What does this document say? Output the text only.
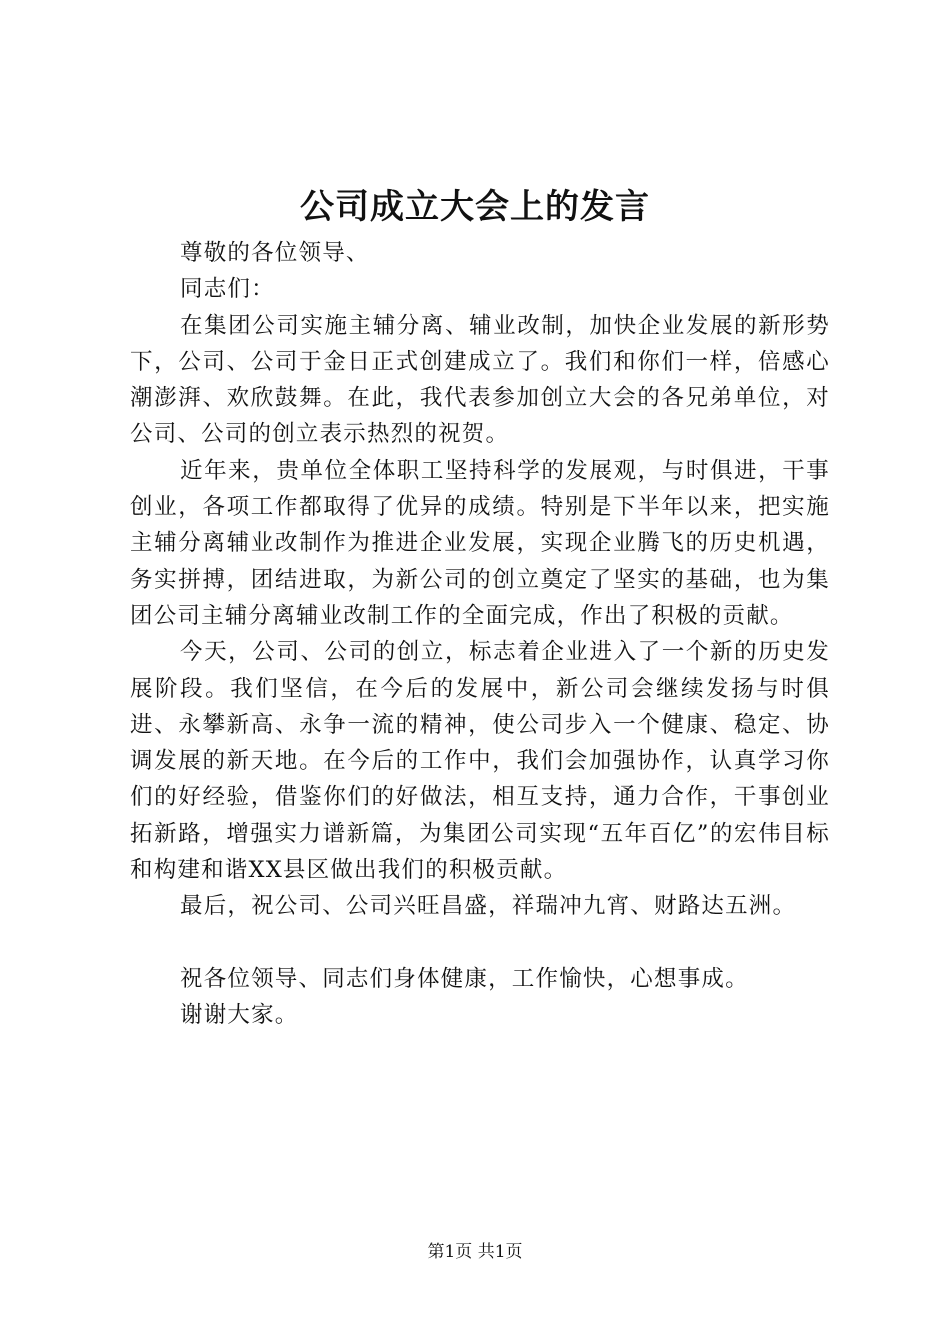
公司成立大会上的发言

尊敬的各位领导、

同志们：

在集团公司实施主辅分离、辅业改制，加快企业发展的新形势下，公司、公司于金日正式创建成立了。我们和你们一样，倍感心潮澎湃、欢欣鼓舞。在此，我代表参加创立大会的各兄弟单位，对公司、公司的创立表示热烈的祝贺。

近年来，贵单位全体职工坚持科学的发展观，与时俱进，干事创业，各项工作都取得了优异的成绩。特别是下半年以来，把实施主辅分离辅业改制作为推进企业发展，实现企业腾飞的历史机遇，务实拼搏，团结进取，为新公司的创立奠定了坚实的基础，也为集团公司主辅分离辅业改制工作的全面完成，作出了积极的贡献。

今天，公司、公司的创立，标志着企业进入了一个新的历史发展阶段。我们坚信，在今后的发展中，新公司会继续发扬与时俱进、永攀新高、永争一流的精神，使公司步入一个健康、稳定、协调发展的新天地。在今后的工作中，我们会加强协作，认真学习你们的好经验，借鉴你们的好做法，相互支持，通力合作，干事创业拓新路，增强实力谱新篇，为集团公司实现“五年百亿”的宏伟目标和构建和谐XX县区做出我们的积极贡献。

最后，祝公司、公司兴旺昌盛，祥瑞冲九宵、财路达五洲。

祝各位领导、同志们身体健康，工作愉快，心想事成。

谢谢大家。

第1页 共1页
